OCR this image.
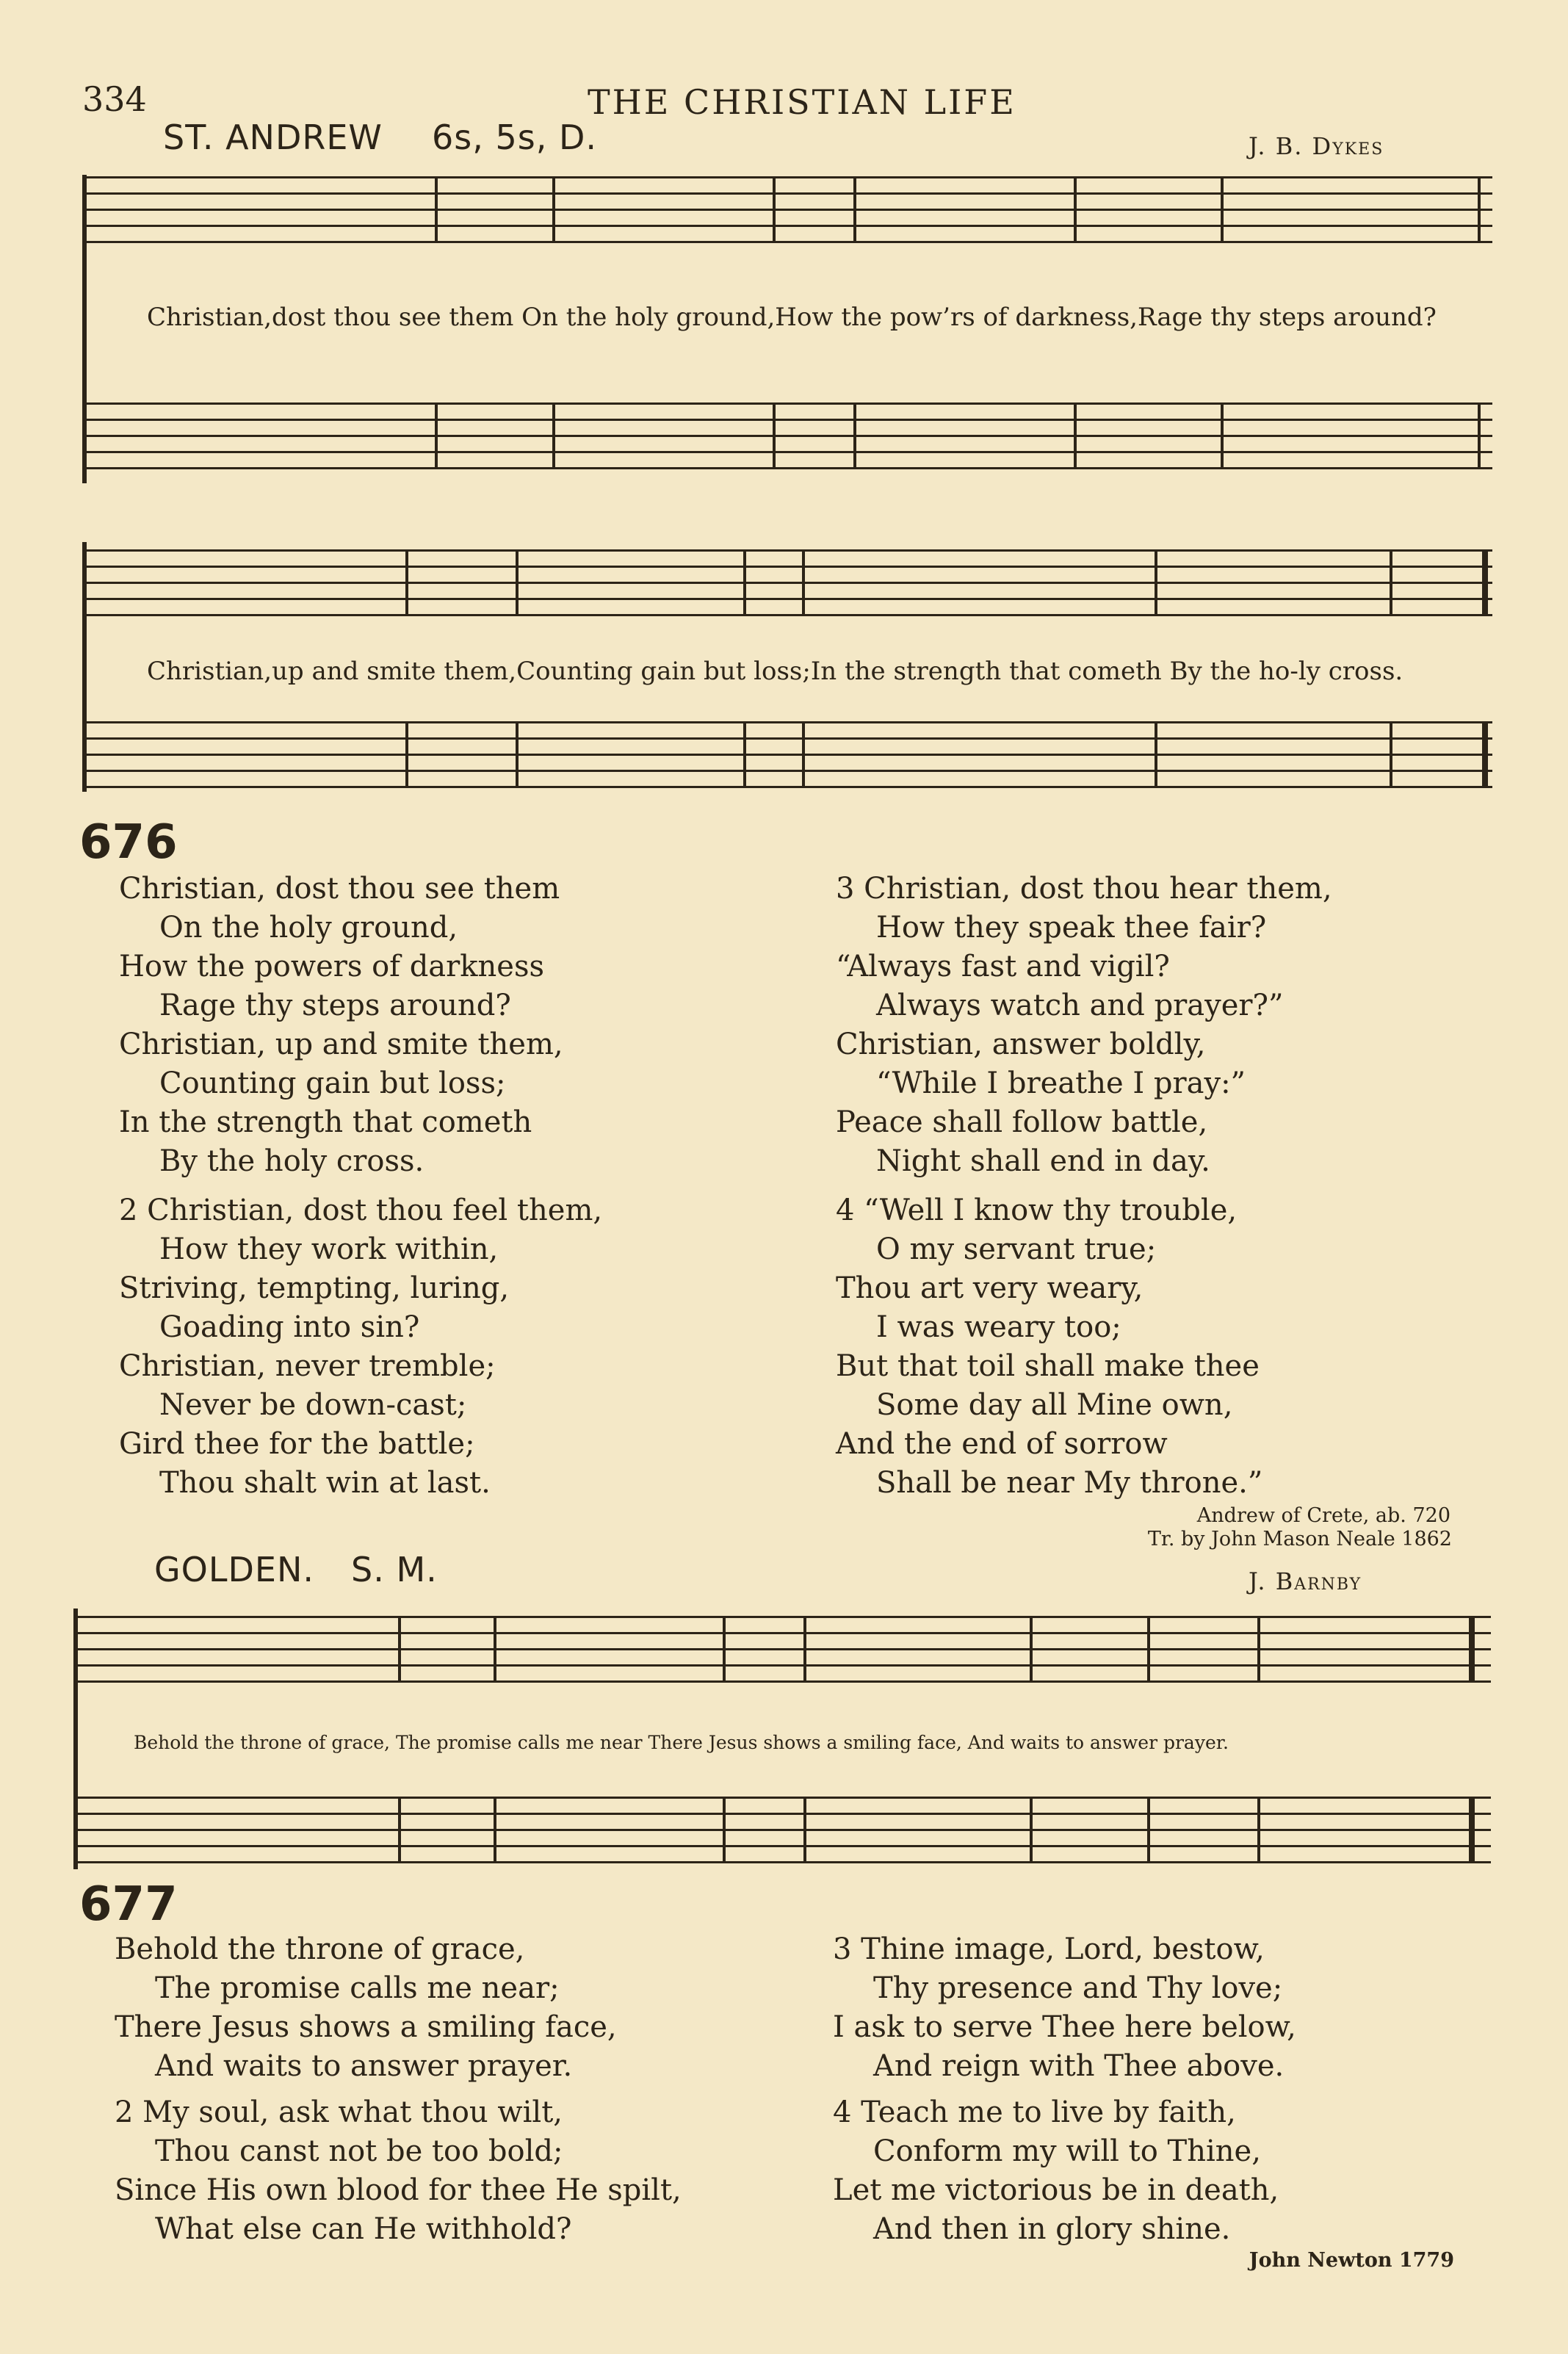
334	THE CHRISTIAN LIFE
ST. ANDREW 6s, 5s, D.	J. B. Dykes
Christian,dost thou see them On the holy ground,How the pow’rs of darkness,Rage thy steps around?
Christian,up and smite them,Counting gain but loss;In the strength that cometh By the ho-ly cross.
676
Christian, dost thou see them
On the holy ground,
How the powers of darkness
Rage thy steps around?
Christian, up and smite them,
Counting gain but loss;
In the strength that cometh
By the holy cross.
2 Christian, dost thou feel them,
How they work within,
Striving, tempting, luring,
Goading into sin?
Christian, never tremble;
Never be down-cast;
Gird thee for the battle;
Thou shalt win at last.
3 Christian, dost thou hear them,
How they speak thee fair?
“Always fast and vigil?
Always watch and prayer?”
Christian, answer boldly,
“While I breathe I pray:”
Peace shall follow battle,
Night shall end in day.
4 “Well I know thy trouble,
O my servant true;
Thou art very weary,
I was weary too;
But that toil shall make thee
Some day all Mine own,
And the end of sorrow
Shall be near My throne.”
Andrew of Crete, ab. 720
Tr. by John Mason Neale 1862
GOLDEN. S. M.	J. Barnby
Behold the throne of grace, The promise calls me near There Jesus shows a smiling face, And waits to answer prayer.
677
Behold the throne of grace,
The promise calls me near;
There Jesus shows a smiling face,
And waits to answer prayer.
2 My soul, ask what thou wilt,
Thou canst not be too bold;
Since His own blood for thee He spilt,
What else can He withhold?
3 Thine image, Lord, bestow,
Thy presence and Thy love;
I ask to serve Thee here below,
And reign with Thee above.
4 Teach me to live by faith,
Conform my will to Thine,
Let me victorious be in death,
And then in glory shine.
John Newton 1779
